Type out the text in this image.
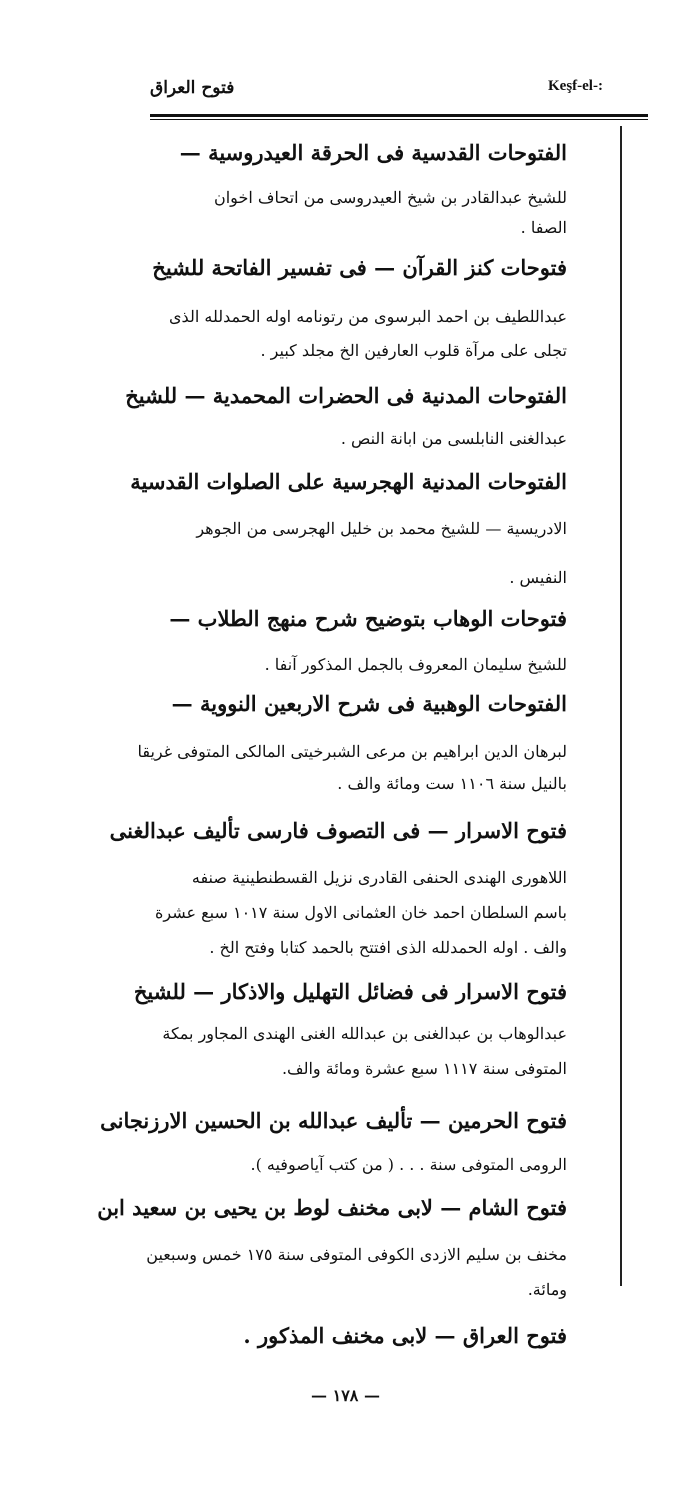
فتوح العراق	Keşf-el-:
الفتوحات القدسية فى الحرقة العيدروسية —
للشيخ عبدالقادر بن شيخ العيدروسى من اتحاف اخوان
الصفا .
فتوحات كنز القرآن — فى تفسير الفاتحة للشيخ
عبداللطيف بن احمد البرسوى من رتونامه اوله الحمدلله الذى
تجلى على مرآة قلوب العارفين الخ مجلد كبير .
الفتوحات المدنية فى الحضرات المحمدية — للشيخ
عبدالغنى النابلسى من ابانة النص .
الفتوحات المدنية الهجرسية على الصلوات القدسية
الادريسية — للشيخ محمد بن خليل الهجرسى من الجوهر
النفيس .
فتوحات الوهاب بتوضيح شرح منهج الطلاب —
للشيخ سليمان المعروف بالجمل المذكور آنفا .
الفتوحات الوهبية فى شرح الاربعين النووية —
لبرهان الدين ابراهيم بن مرعى الشبرخيتى المالكى المتوفى غريقا
بالنيل سنة ١١٠٦ ست ومائة والف .
فتوح الاسرار — فى التصوف فارسى تأليف عبدالغنى
اللاهورى الهندى الحنفى القادرى نزيل القسطنطينية صنفه
باسم السلطان احمد خان العثمانى الاول سنة ١٠١٧ سبع عشرة
والف . اوله الحمدلله الذى افتتح بالحمد كتابا وفتح الخ .
فتوح الاسرار فى فضائل التهليل والاذكار — للشيخ
عبدالوهاب بن عبدالغنى بن عبدالله الغنى الهندى المجاور بمكة
المتوفى سنة ١١١٧ سبع عشرة ومائة والف.
فتوح الحرمين — تأليف عبدالله بن الحسين الارزنجانى
الرومى المتوفى سنة . . . ( من كتب آياصوفيه ).
فتوح الشام — لابى مخنف لوط بن يحيى بن سعيد ابن
مخنف بن سليم الازدى الكوفى المتوفى سنة ١٧٥ خمس وسبعين
ومائة.
فتوح العراق — لابى مخنف المذكور .
— ١٧٨ —
